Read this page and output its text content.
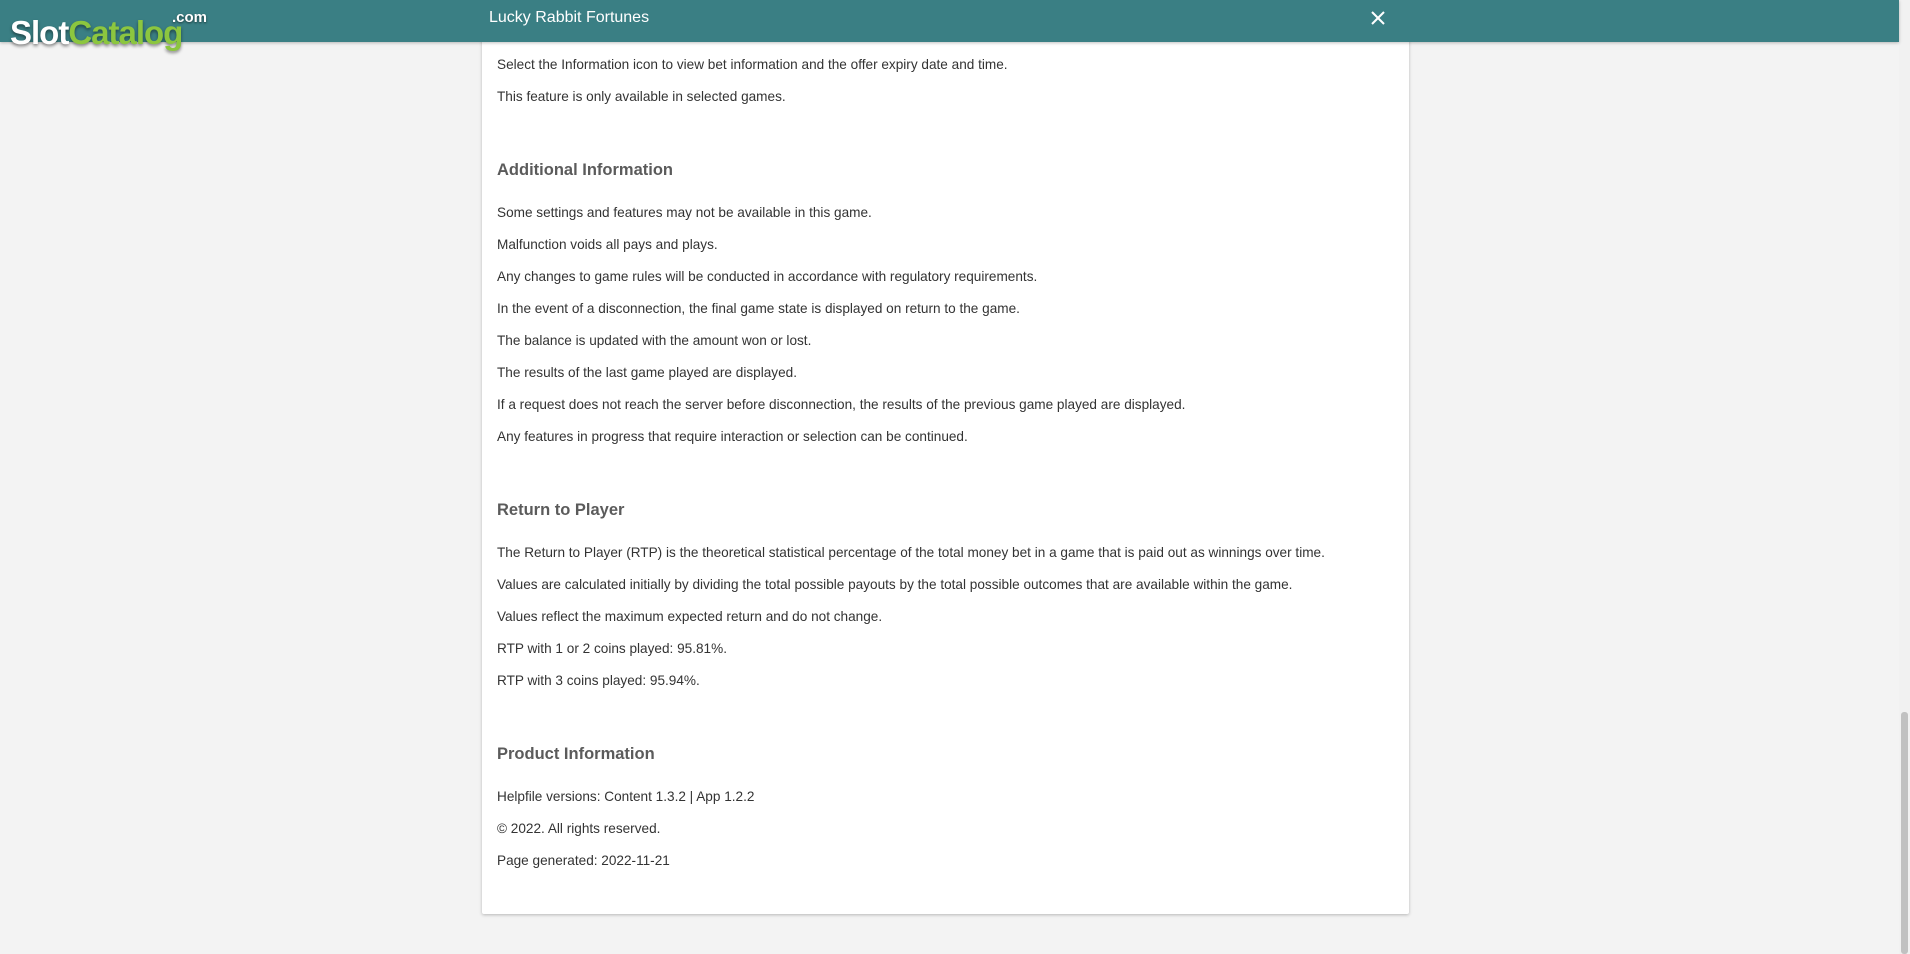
Lucky Rabbit Fortunes
.com
SlotCatalog
Select the Information icon to view bet information and the offer expiry date and time.
This feature is only available in selected games.
Additional Information
Some settings and features may not be available in this game.
Malfunction voids all pays and plays.
Any changes to game rules will be conducted in accordance with regulatory requirements.
In the event of a disconnection, the final game state is displayed on return to the game.
The balance is updated with the amount won or lost.
The results of the last game played are displayed.
If a request does not reach the server before disconnection, the results of the previous game played are displayed.
Any features in progress that require interaction or selection can be continued.
Return to Player
The Return to Player (RTP) is the theoretical statistical percentage of the total money bet in a game that is paid out as winnings over time.
Values are calculated initially by dividing the total possible payouts by the total possible outcomes that are available within the game.
Values reflect the maximum expected return and do not change.
RTP with 1 or 2 coins played: 95.81%.
RTP with 3 coins played: 95.94%.
Product Information
Helpfile versions: Content 1.3.2 | App 1.2.2
© 2022. All rights reserved.
Page generated: 2022-11-21
